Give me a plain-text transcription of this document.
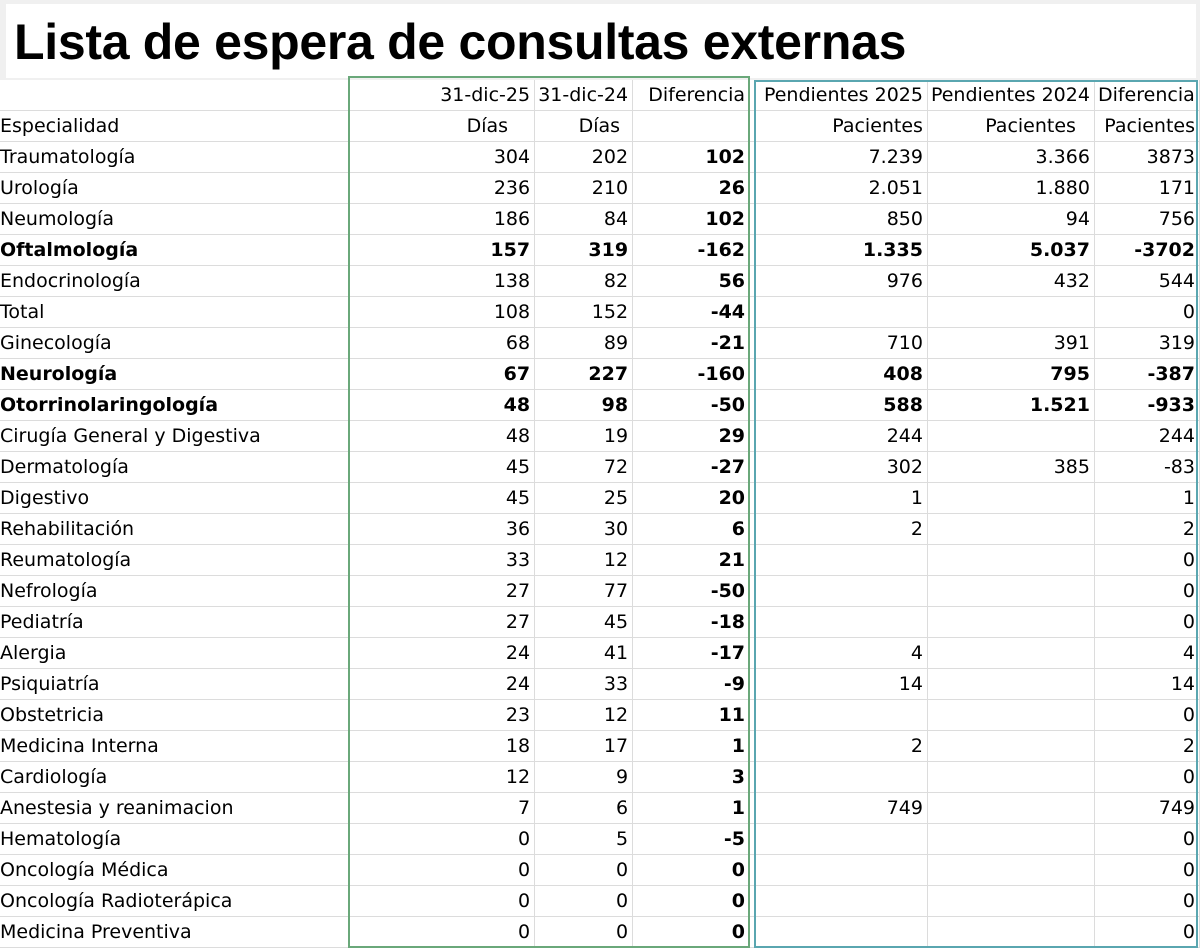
Lista de espera de consultas externas
	31-dic-25	31-dic-24	Diferencia	Pendientes 2025	Pendientes 2024	Diferencia
Especialidad	Días	Días		Pacientes	Pacientes	Pacientes
Traumatología	304	202	102	7.239	3.366	3873
Urología	236	210	26	2.051	1.880	171
Neumología	186	84	102	850	94	756
Oftalmología	157	319	-162	1.335	5.037	-3702
Endocrinología	138	82	56	976	432	544
Total	108	152	-44			0
Ginecología	68	89	-21	710	391	319
Neurología	67	227	-160	408	795	-387
Otorrinolaringología	48	98	-50	588	1.521	-933
Cirugía General y Digestiva	48	19	29	244		244
Dermatología	45	72	-27	302	385	-83
Digestivo	45	25	20	1		1
Rehabilitación	36	30	6	2		2
Reumatología	33	12	21			0
Nefrología	27	77	-50			0
Pediatría	27	45	-18			0
Alergia	24	41	-17	4		4
Psiquiatría	24	33	-9	14		14
Obstetricia	23	12	11			0
Medicina Interna	18	17	1	2		2
Cardiología	12	9	3			0
Anestesia y reanimacion	7	6	1	749		749
Hematología	0	5	-5			0
Oncología Médica	0	0	0			0
Oncología Radioterápica	0	0	0			0
Medicina Preventiva	0	0	0			0
